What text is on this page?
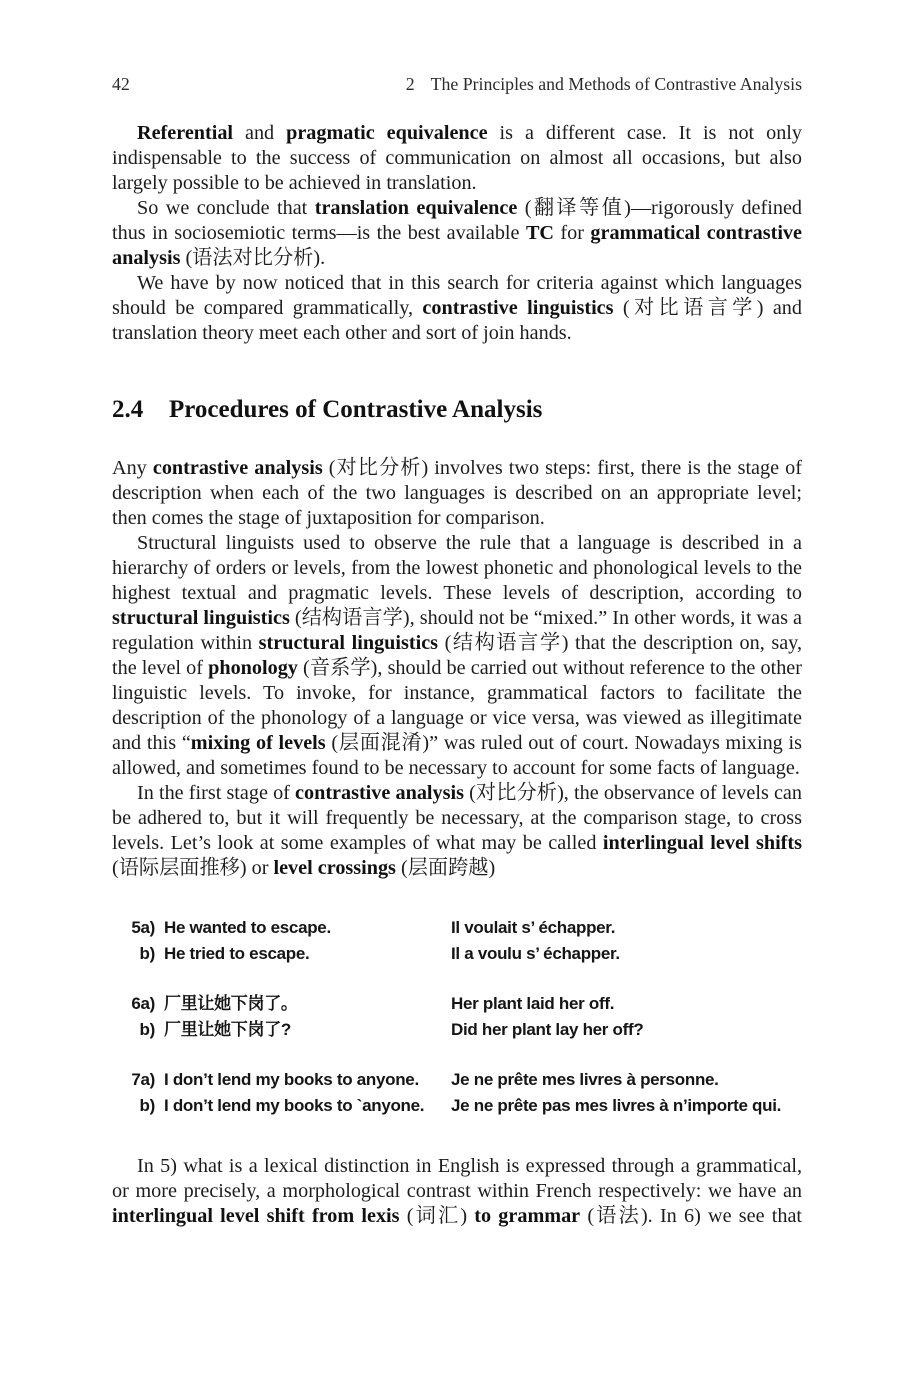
42	2 The Principles and Methods of Contrastive Analysis

Referential and pragmatic equivalence is a different case. It is not only indispensable to the success of communication on almost all occasions, but also largely possible to be achieved in translation.

So we conclude that translation equivalence (翻译等值)—rigorously defined thus in sociosemiotic terms—is the best available TC for grammatical contrastive analysis (语法对比分析).

We have by now noticed that in this search for criteria against which languages should be compared grammatically, contrastive linguistics (对比语言学) and translation theory meet each other and sort of join hands.

2.4 Procedures of Contrastive Analysis

Any contrastive analysis (对比分析) involves two steps: first, there is the stage of description when each of the two languages is described on an appropriate level; then comes the stage of juxtaposition for comparison.

Structural linguists used to observe the rule that a language is described in a hierarchy of orders or levels, from the lowest phonetic and phonological levels to the highest textual and pragmatic levels. These levels of description, according to structural linguistics (结构语言学), should not be “mixed.” In other words, it was a regulation within structural linguistics (结构语言学) that the description on, say, the level of phonology (音系学), should be carried out without reference to the other linguistic levels. To invoke, for instance, grammatical factors to facilitate the description of the phonology of a language or vice versa, was viewed as illegitimate and this “mixing of levels (层面混淆)” was ruled out of court. Nowadays mixing is allowed, and sometimes found to be necessary to account for some facts of language.

In the first stage of contrastive analysis (对比分析), the observance of levels can be adhered to, but it will frequently be necessary, at the comparison stage, to cross levels. Let’s look at some examples of what may be called interlingual level shifts (语际层面推移) or level crossings (层面跨越)

5a) He wanted to escape.	Il voulait s’ échapper.
b) He tried to escape.	Il a voulu s’ échapper.
6a) 厂里让她下岗了。	Her plant laid her off.
b) 厂里让她下岗了?	Did her plant lay her off?
7a) I don’t lend my books to anyone.	Je ne prête mes livres à personne.
b) I don’t lend my books to `anyone.	Je ne prête pas mes livres à n’importe qui.

In 5) what is a lexical distinction in English is expressed through a grammatical, or more precisely, a morphological contrast within French respectively: we have an interlingual level shift from lexis (词汇) to grammar (语法). In 6) we see that
